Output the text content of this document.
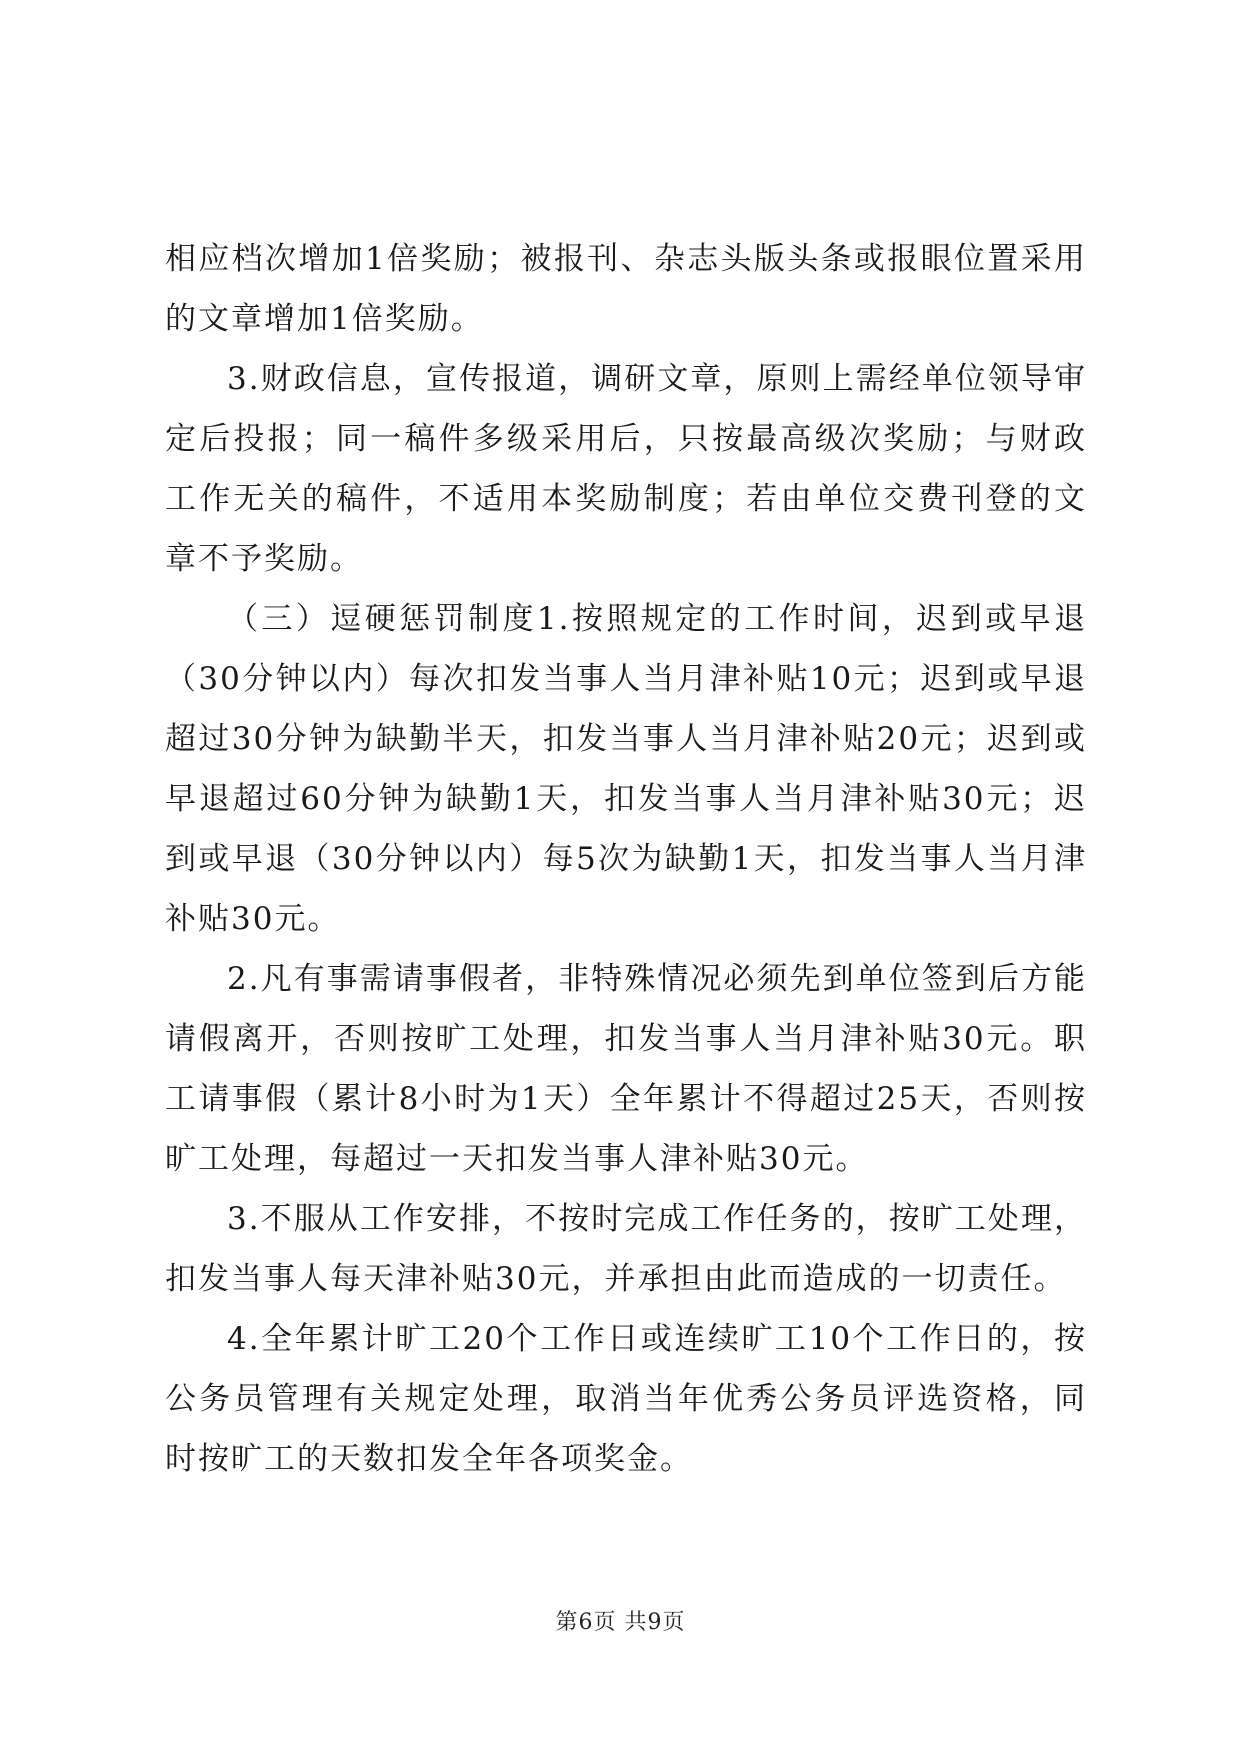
相应档次增加1倍奖励；被报刊、杂志头版头条或报眼位置采用的文章增加1倍奖励。

3.财政信息，宣传报道，调研文章，原则上需经单位领导审定后投报；同一稿件多级采用后，只按最高级次奖励；与财政工作无关的稿件，不适用本奖励制度；若由单位交费刊登的文章不予奖励。

（三）逗硬惩罚制度1.按照规定的工作时间，迟到或早退（30分钟以内）每次扣发当事人当月津补贴10元；迟到或早退超过30分钟为缺勤半天，扣发当事人当月津补贴20元；迟到或早退超过60分钟为缺勤1天，扣发当事人当月津补贴30元；迟到或早退（30分钟以内）每5次为缺勤1天，扣发当事人当月津补贴30元。

2.凡有事需请事假者，非特殊情况必须先到单位签到后方能请假离开，否则按旷工处理，扣发当事人当月津补贴30元。职工请事假（累计8小时为1天）全年累计不得超过25天，否则按旷工处理，每超过一天扣发当事人津补贴30元。

3.不服从工作安排，不按时完成工作任务的，按旷工处理，扣发当事人每天津补贴30元，并承担由此而造成的一切责任。

4.全年累计旷工20个工作日或连续旷工10个工作日的，按公务员管理有关规定处理，取消当年优秀公务员评选资格，同时按旷工的天数扣发全年各项奖金。

第6页 共9页
